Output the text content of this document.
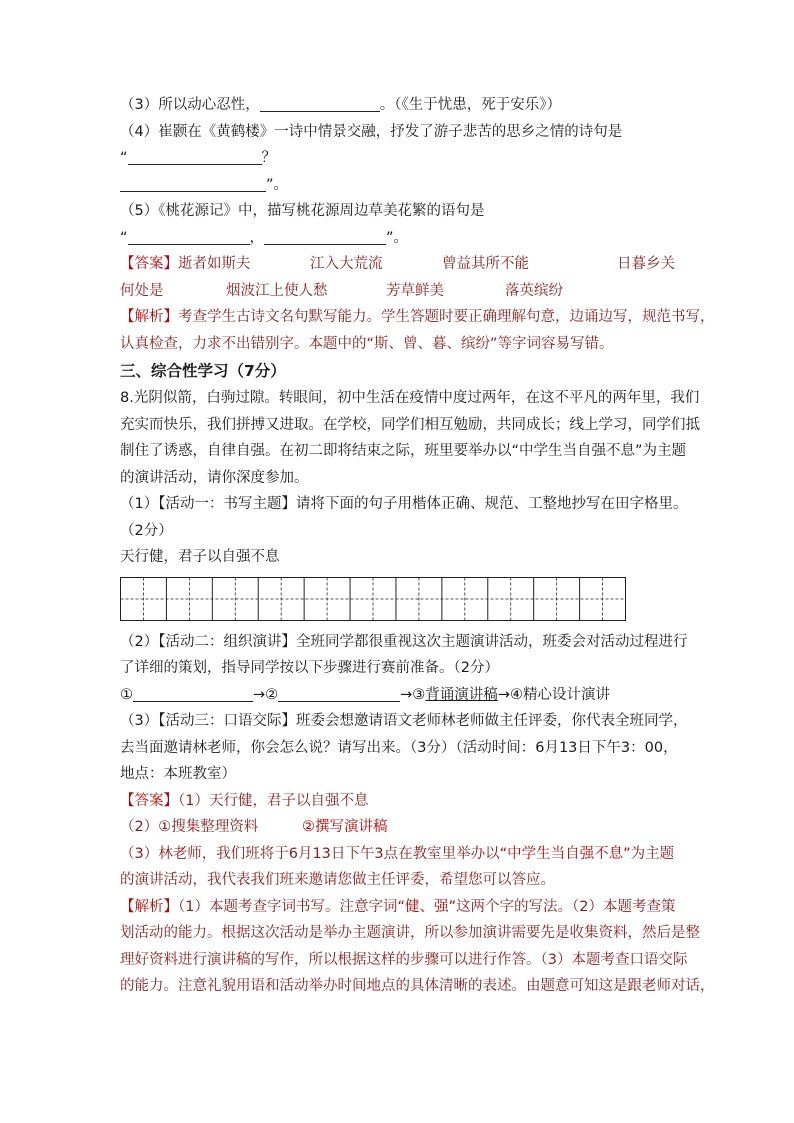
（3）所以动心忍性，	。（《生于忧患，死于安乐》）
（4）崔颢在《黄鹤楼》一诗中情景交融，抒发了游子悲苦的思乡之情的诗句是
“	？
”。
（5）《桃花源记》中，描写桃花源周边草美花繁的语句是
“	，	”。
【答案】逝者如斯夫	江入大荒流	曾益其所不能	日暮乡关
何处是	烟波江上使人愁	芳草鲜美	落英缤纷
【解析】考查学生古诗文名句默写能力。学生答题时要正确理解句意，边诵边写，规范书写，
认真检查，力求不出错别字。本题中的“斯、曾、暮、缤纷”等字词容易写错。
三、综合性学习（7分）
8.光阴似箭，白驹过隙。转眼间，初中生活在疫情中度过两年，在这不平凡的两年里，我们
充实而快乐，我们拼搏又进取。在学校，同学们相互勉励，共同成长；线上学习，同学们抵
制住了诱惑，自律自强。在初二即将结束之际，班里要举办以“中学生当自强不息”为主题
的演讲活动，请你深度参加。
（1）【活动一：书写主题】请将下面的句子用楷体正确、规范、工整地抄写在田字格里。
（2分）
天行健，君子以自强不息
（2）【活动二：组织演讲】全班同学都很重视这次主题演讲活动，班委会对活动过程进行
了详细的策划，指导同学按以下步骤进行赛前准备。（2分）
①	→②	→③背诵演讲稿→④精心设计演讲
（3）【活动三：口语交际】班委会想邀请语文老师林老师做主任评委，你代表全班同学，
去当面邀请林老师，你会怎么说？请写出来。（3分）（活动时间：6月13日下午3：00，
地点：本班教室）
【答案】（1）天行健，君子以自强不息
（2）①搜集整理资料	②撰写演讲稿
（3）林老师，我们班将于6月13日下午3点在教室里举办以“中学生当自强不息”为主题
的演讲活动，我代表我们班来邀请您做主任评委，希望您可以答应。
【解析】（1）本题考查字词书写。注意字词“健、强”这两个字的写法。（2）本题考查策
划活动的能力。根据这次活动是举办主题演讲，所以参加演讲需要先是收集资料，然后是整
理好资料进行演讲稿的写作，所以根据这样的步骤可以进行作答。（3）本题考查口语交际
的能力。注意礼貌用语和活动举办时间地点的具体清晰的表述。由题意可知这是跟老师对话，
